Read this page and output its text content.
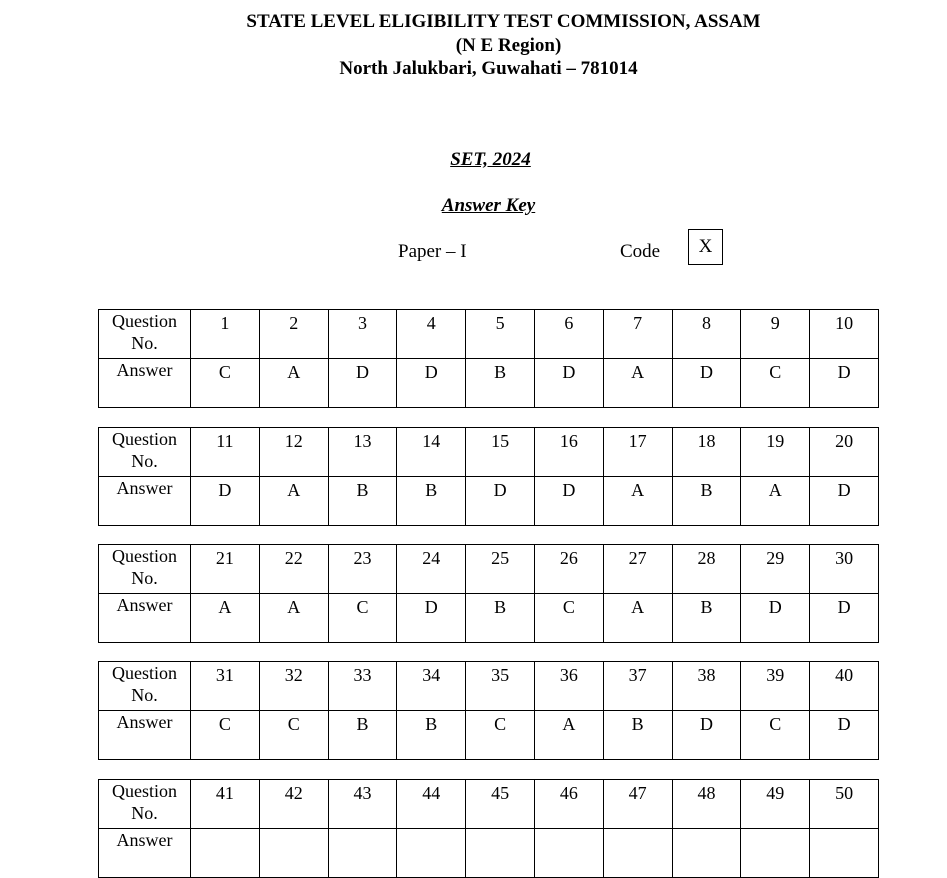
STATE LEVEL ELIGIBILITY TEST COMMISSION, ASSAM
(N E Region)
North Jalukbari, Guwahati – 781014
SET, 2024
Answer Key
Paper – I	Code	X
Question No.	1	2	3	4	5	6	7	8	9	10
Answer	C	A	D	D	B	D	A	D	C	D
Question No.	11	12	13	14	15	16	17	18	19	20
Answer	D	A	B	B	D	D	A	B	A	D
Question No.	21	22	23	24	25	26	27	28	29	30
Answer	A	A	C	D	B	C	A	B	D	D
Question No.	31	32	33	34	35	36	37	38	39	40
Answer	C	C	B	B	C	A	B	D	C	D
Question No.	41	42	43	44	45	46	47	48	49	50
Answer										
